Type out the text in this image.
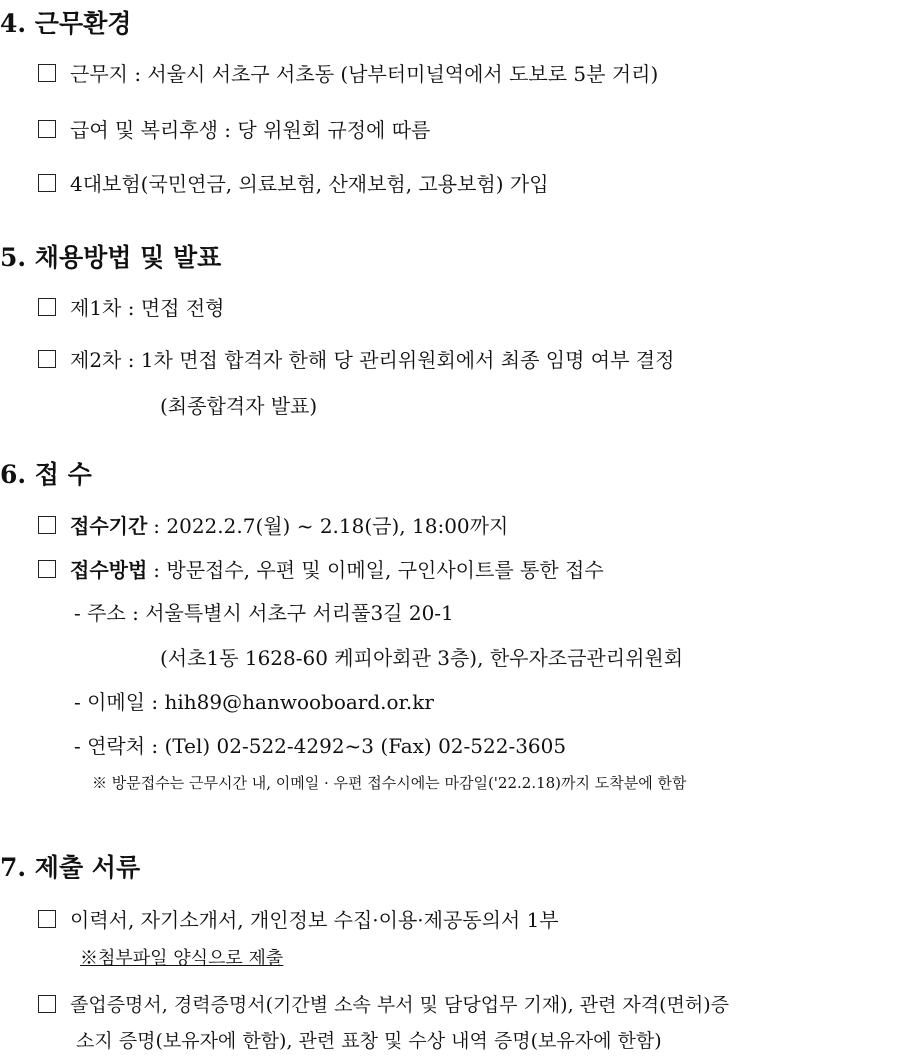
4. 근무환경
근무지 : 서울시 서초구 서초동 (남부터미널역에서 도보로 5분 거리)
급여 및 복리후생 : 당 위원회 규정에 따름
4대보험(국민연금, 의료보험, 산재보험, 고용보험) 가입
5. 채용방법 및 발표
제1차 : 면접 전형
제2차 : 1차 면접 합격자 한해 당 관리위원회에서 최종 임명 여부 결정
(최종합격자 발표)
6. 접 수
접수기간 : 2022.2.7(월) ~ 2.18(금), 18:00까지
접수방법 : 방문접수, 우편 및 이메일, 구인사이트를 통한 접수
- 주소 : 서울특별시 서초구 서리풀3길 20-1
(서초1동 1628-60 케피아회관 3층), 한우자조금관리위원회
- 이메일 : hih89@hanwooboard.or.kr
- 연락처 : (Tel) 02-522-4292~3 (Fax) 02-522-3605
※ 방문접수는 근무시간 내, 이메일 · 우편 접수시에는 마감일('22.2.18)까지 도착분에 한함
7. 제출 서류
이력서, 자기소개서, 개인정보 수집·이용·제공동의서 1부
※첨부파일 양식으로 제출
졸업증명서, 경력증명서(기간별 소속 부서 및 담당업무 기재), 관련 자격(면허)증
소지 증명(보유자에 한함), 관련 표창 및 수상 내역 증명(보유자에 한함)
